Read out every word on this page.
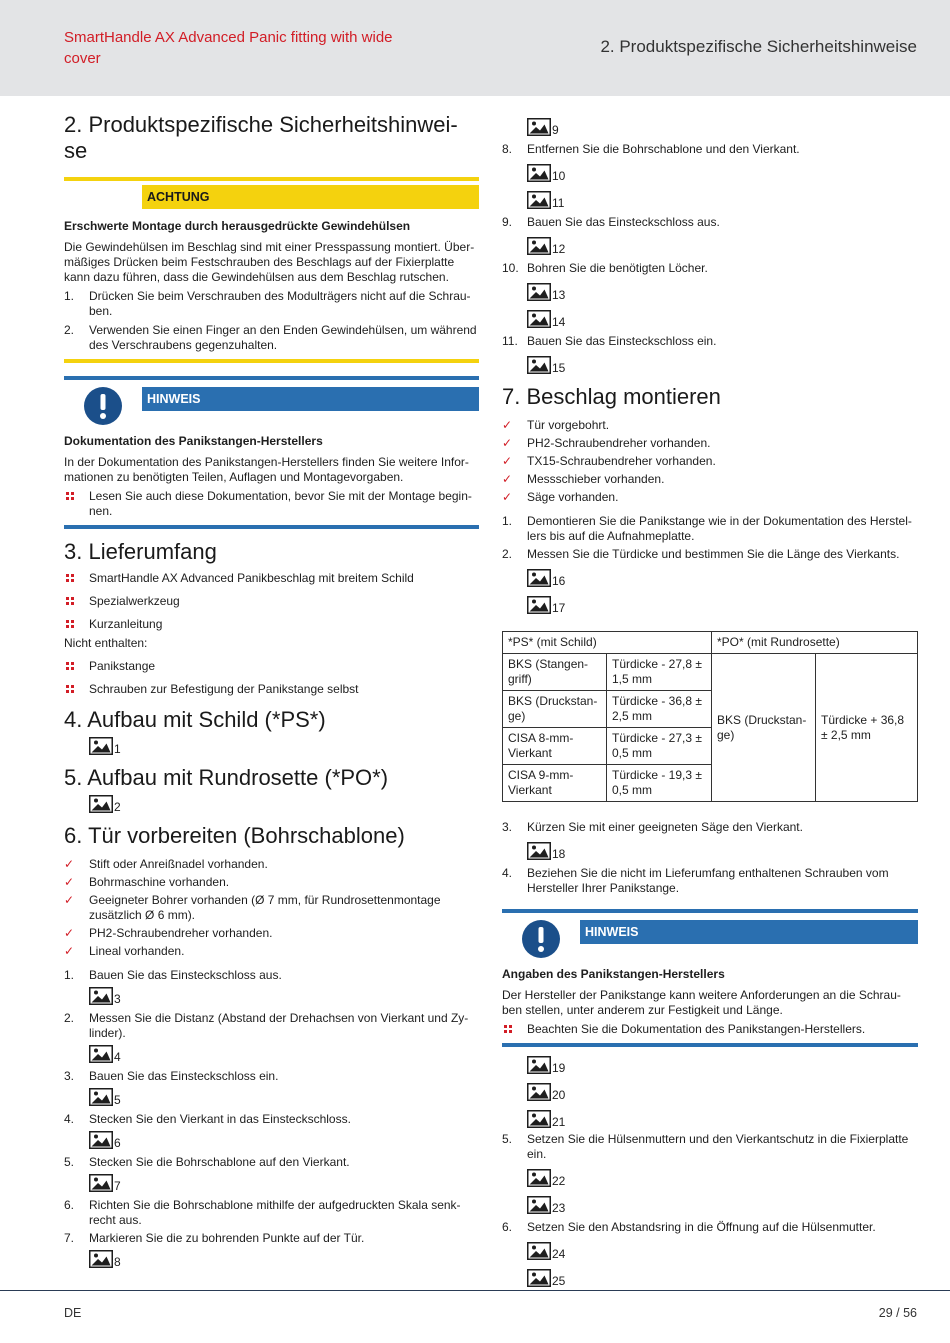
SmartHandle AX Advanced Panic fitting with wide cover
2. Produktspezifische Sicherheitshinweise
2. Produktspezifische Sicherheitshinwei-se
ACHTUNG

Erschwerte Montage durch herausgedrückte Gewindehülsen

Die Gewindehülsen im Beschlag sind mit einer Presspassung montiert. Über-mäßiges Drücken beim Festschrauben des Beschlags auf der Fixierplatte kann dazu führen, dass die Gewindehülsen aus dem Beschlag rutschen.

1. Drücken Sie beim Verschrauben des Modulträgers nicht auf die Schrau-ben.
2. Verwenden Sie einen Finger an den Enden Gewindehülsen, um während des Verschraubens gegenzuhalten.
HINWEIS

Dokumentation des Panikstangen-Herstellers

In der Dokumentation des Panikstangen-Herstellers finden Sie weitere Infor-mationen zu benötigten Teilen, Auflagen und Montagevorgaben.

Lesen Sie auch diese Dokumentation, bevor Sie mit der Montage begin-nen.
3. Lieferumfang
SmartHandle AX Advanced Panikbeschlag mit breitem Schild
Spezialwerkzeug
Kurzanleitung

Nicht enthalten:

Panikstange
Schrauben zur Befestigung der Panikstange selbst
4. Aufbau mit Schild (*PS*)
1
5. Aufbau mit Rundrosette (*PO*)
2
6. Tür vorbereiten (Bohrschablone)
✓ Stift oder Anreißnadel vorhanden.
✓ Bohrmaschine vorhanden.
✓ Geeigneter Bohrer vorhanden (Ø 7 mm, für Rundrosettenmontage zusätzlich Ø 6 mm).
✓ PH2-Schraubendreher vorhanden.
✓ Lineal vorhanden.
1. Bauen Sie das Einsteckschloss aus.
3
2. Messen Sie die Distanz (Abstand der Drehachsen von Vierkant und Zy-linder).
4
3. Bauen Sie das Einsteckschloss ein.
5
4. Stecken Sie den Vierkant in das Einsteckschloss.
6
5. Stecken Sie die Bohrschablone auf den Vierkant.
7
6. Richten Sie die Bohrschablone mithilfe der aufgedruckten Skala senk-recht aus.
7. Markieren Sie die zu bohrenden Punkte auf der Tür.
8
9
8. Entfernen Sie die Bohrschablone und den Vierkant.
10
11
9. Bauen Sie das Einsteckschloss aus.
12
10. Bohren Sie die benötigten Löcher.
13
14
11. Bauen Sie das Einsteckschloss ein.
15
7. Beschlag montieren
✓ Tür vorgebohrt.
✓ PH2-Schraubendreher vorhanden.
✓ TX15-Schraubendreher vorhanden.
✓ Messschieber vorhanden.
✓ Säge vorhanden.
1. Demontieren Sie die Panikstange wie in der Dokumentation des Herstel-lers bis auf die Aufnahmeplatte.
2. Messen Sie die Türdicke und bestimmen Sie die Länge des Vierkants.
16
17
*PS* (mit Schild)		*PO* (mit Rundrosette)	
BKS (Stangen-griff)	Türdicke - 27,8 ± 1,5 mm	BKS (Druckstan-ge)	Türdicke + 36,8 ± 2,5 mm
BKS (Druckstan-ge)	Türdicke - 36,8 ± 2,5 mm		
CISA 8-mm-Vierkant	Türdicke - 27,3 ± 0,5 mm		
CISA 9-mm-Vierkant	Türdicke - 19,3 ± 0,5 mm		
3. Kürzen Sie mit einer geeigneten Säge den Vierkant.
18
4. Beziehen Sie die nicht im Lieferumfang enthaltenen Schrauben vom Hersteller Ihrer Panikstange.
HINWEIS

Angaben des Panikstangen-Herstellers

Der Hersteller der Panikstange kann weitere Anforderungen an die Schrau-ben stellen, unter anderem zur Festigkeit und Länge.

Beachten Sie die Dokumentation des Panikstangen-Herstellers.
19
20
21
5. Setzen Sie die Hülsenmuttern und den Vierkantschutz in die Fixierplatte ein.
22
23
6. Setzen Sie den Abstandsring in die Öffnung auf die Hülsenmutter.
24
25
DE	29 / 56
